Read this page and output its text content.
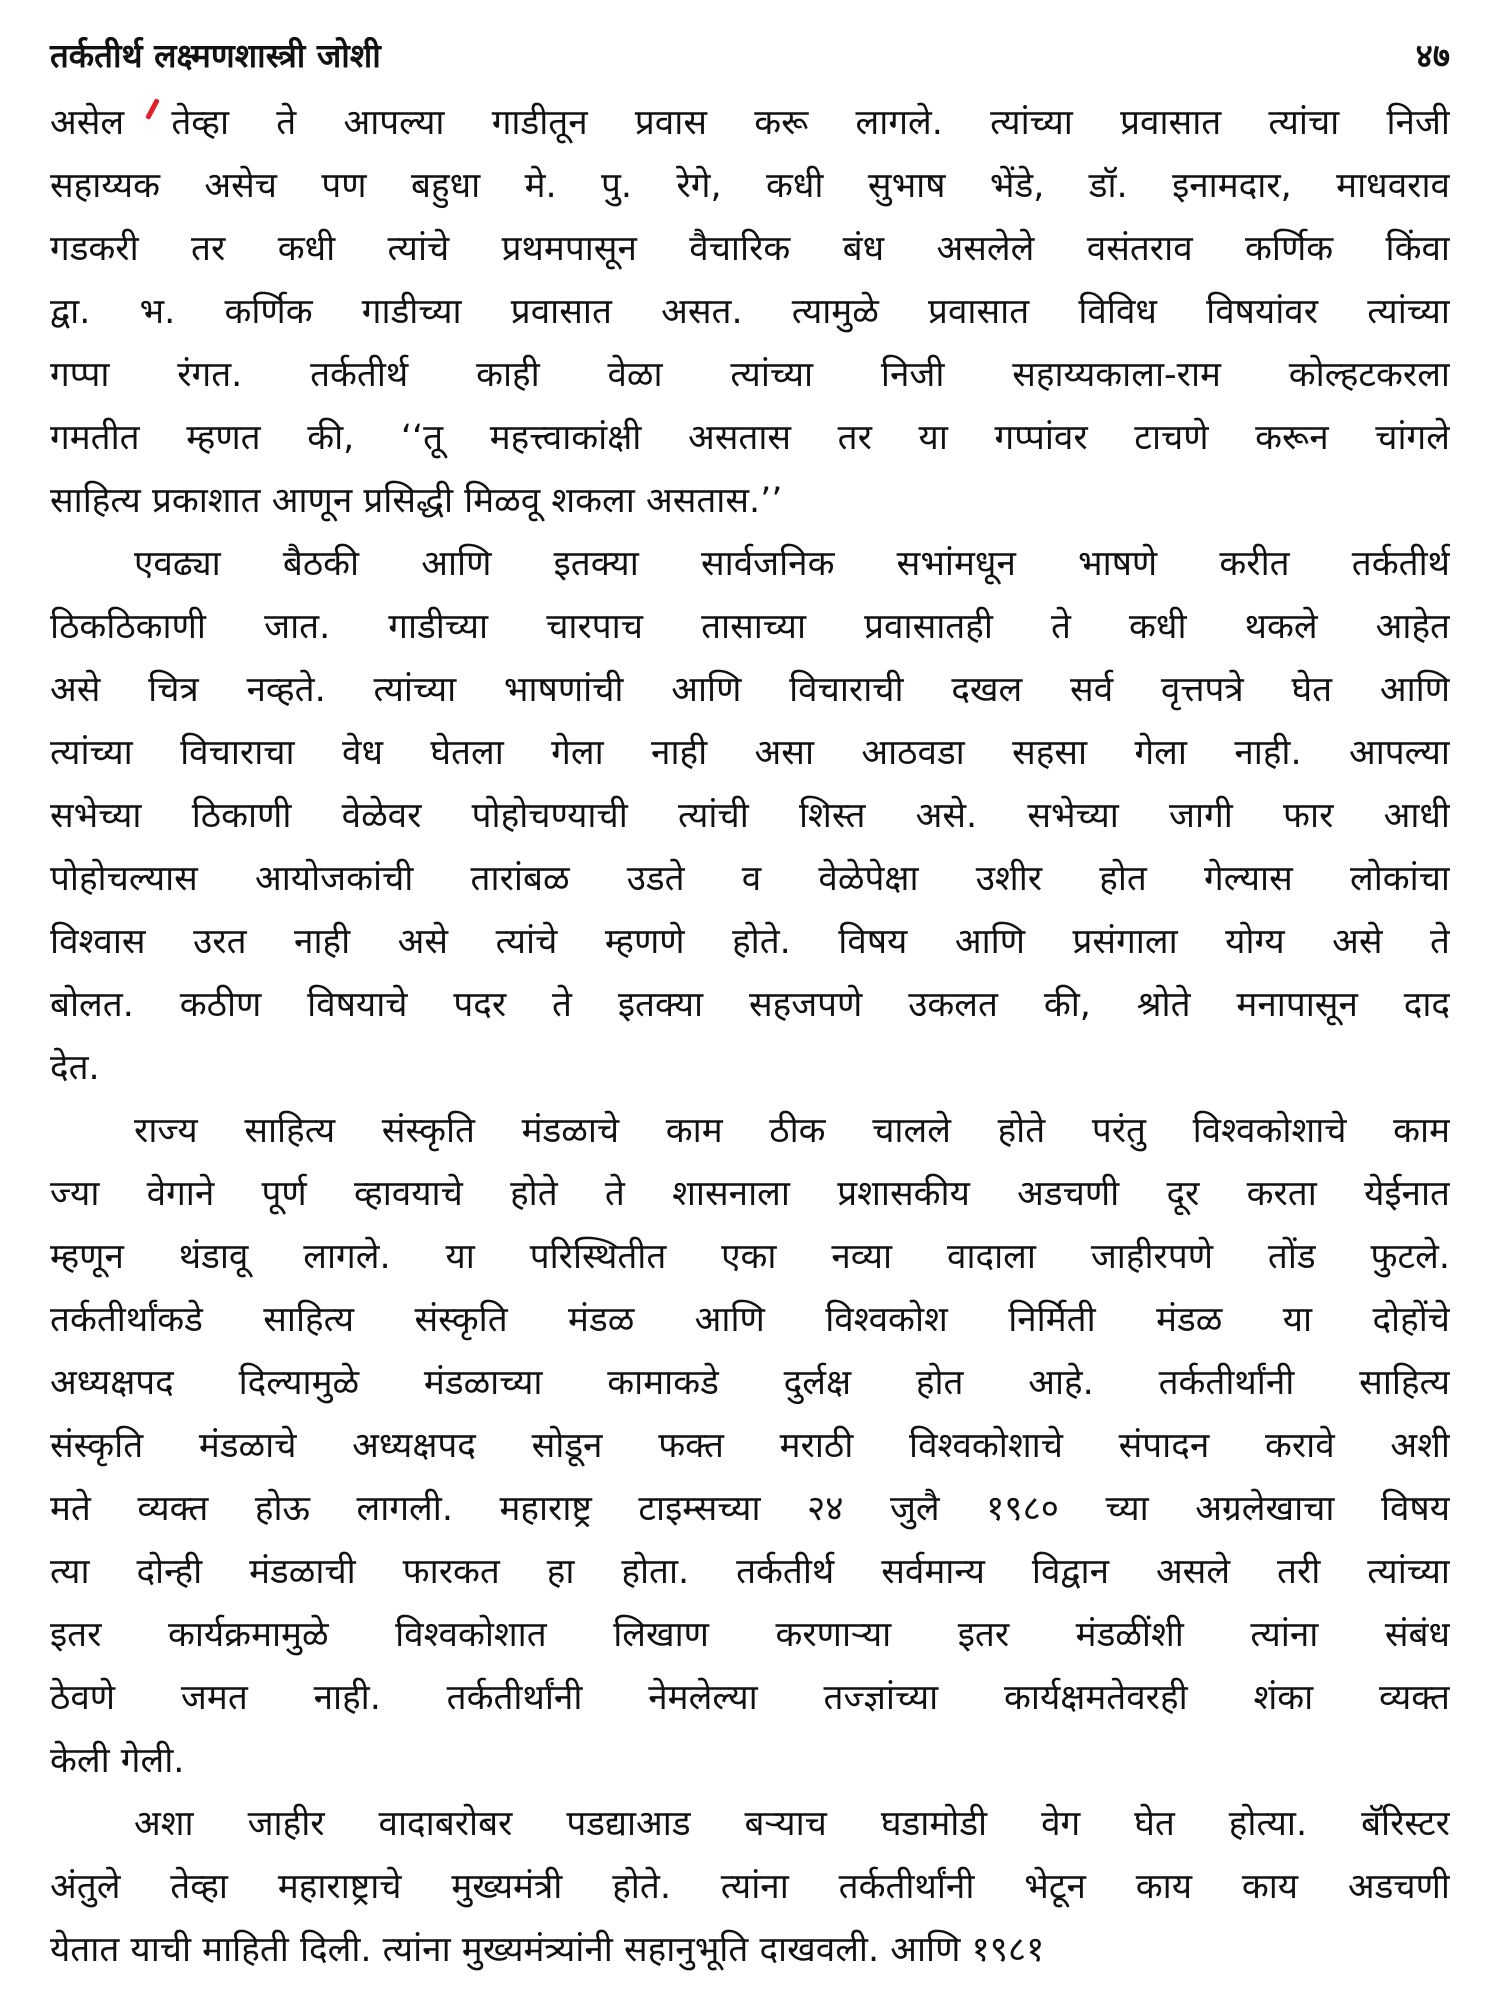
तर्कतीर्थ लक्ष्मणशास्त्री जोशी	४७
असेल तेव्हा ते आपल्या गाडीतून प्रवास करू लागले. त्यांच्या प्रवासात त्यांचा निजी
सहाय्यक असेच पण बहुधा मे. पु. रेगे, कधी सुभाष भेंडे, डॉ. इनामदार, माधवराव
गडकरी तर कधी त्यांचे प्रथमपासून वैचारिक बंध असलेले वसंतराव कर्णिक किंवा
द्वा. भ. कर्णिक गाडीच्या प्रवासात असत. त्यामुळे प्रवासात विविध विषयांवर त्यांच्या
गप्पा रंगत. तर्कतीर्थ काही वेळा त्यांच्या निजी सहाय्यकाला-राम कोल्हटकरला
गमतीत म्हणत की, ‘‘तू महत्त्वाकांक्षी असतास तर या गप्पांवर टाचणे करून चांगले
साहित्य प्रकाशात आणून प्रसिद्धी मिळवू शकला असतास.’’
एवढ्या बैठकी आणि इतक्या सार्वजनिक सभांमधून भाषणे करीत तर्कतीर्थ
ठिकठिकाणी जात. गाडीच्या चारपाच तासाच्या प्रवासातही ते कधी थकले आहेत
असे चित्र नव्हते. त्यांच्या भाषणांची आणि विचाराची दखल सर्व वृत्तपत्रे घेत आणि
त्यांच्या विचाराचा वेध घेतला गेला नाही असा आठवडा सहसा गेला नाही. आपल्या
सभेच्या ठिकाणी वेळेवर पोहोचण्याची त्यांची शिस्त असे. सभेच्या जागी फार आधी
पोहोचल्यास आयोजकांची तारांबळ उडते व वेळेपेक्षा उशीर होत गेल्यास लोकांचा
विश्वास उरत नाही असे त्यांचे म्हणणे होते. विषय आणि प्रसंगाला योग्य असे ते
बोलत. कठीण विषयाचे पदर ते इतक्या सहजपणे उकलत की, श्रोते मनापासून दाद
देत.
राज्य साहित्य संस्कृति मंडळाचे काम ठीक चालले होते परंतु विश्वकोशाचे काम
ज्या वेगाने पूर्ण व्हावयाचे होते ते शासनाला प्रशासकीय अडचणी दूर करता येईनात
म्हणून थंडावू लागले. या परिस्थितीत एका नव्या वादाला जाहीरपणे तोंड फुटले.
तर्कतीर्थांकडे साहित्य संस्कृति मंडळ आणि विश्वकोश निर्मिती मंडळ या दोहोंचे
अध्यक्षपद दिल्यामुळे मंडळाच्या कामाकडे दुर्लक्ष होत आहे. तर्कतीर्थांनी साहित्य
संस्कृति मंडळाचे अध्यक्षपद सोडून फक्त मराठी विश्वकोशाचे संपादन करावे अशी
मते व्यक्त होऊ लागली. महाराष्ट्र टाइम्सच्या २४ जुलै १९८० च्या अग्रलेखाचा विषय
त्या दोन्ही मंडळाची फारकत हा होता. तर्कतीर्थ सर्वमान्य विद्वान असले तरी त्यांच्या
इतर कार्यक्रमामुळे विश्वकोशात लिखाण करणाऱ्या इतर मंडळींशी त्यांना संबंध
ठेवणे जमत नाही. तर्कतीर्थांनी नेमलेल्या तज्ज्ञांच्या कार्यक्षमतेवरही शंका व्यक्त
केली गेली.
अशा जाहीर वादाबरोबर पडद्याआड बऱ्याच घडामोडी वेग घेत होत्या. बॅरिस्टर
अंतुले तेव्हा महाराष्ट्राचे मुख्यमंत्री होते. त्यांना तर्कतीर्थांनी भेटून काय काय अडचणी
येतात याची माहिती दिली. त्यांना मुख्यमंत्र्यांनी सहानुभूति दाखवली. आणि १९८१
